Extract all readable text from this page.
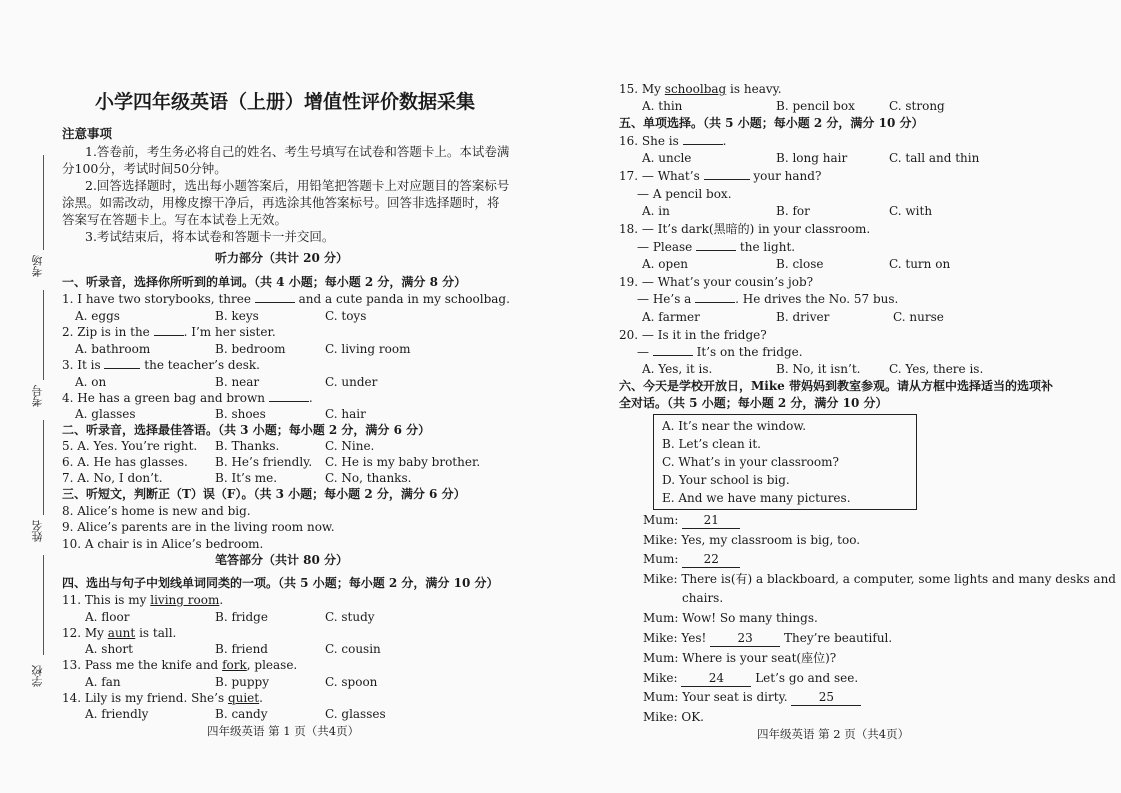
考场
考号
姓名
学校
小学四年级英语（上册）增值性评价数据采集
注意事项
1.答卷前，考生务必将自己的姓名、考生号填写在试卷和答题卡上。本试卷满
分100分，考试时间50分钟。
2.回答选择题时，选出每小题答案后，用铅笔把答题卡上对应题目的答案标号
涂黑。如需改动，用橡皮擦干净后，再选涂其他答案标号。回答非选择题时，将
答案写在答题卡上。写在本试卷上无效。
3.考试结束后，将本试卷和答题卡一并交回。
听力部分（共计 20 分）
一、听录音，选择你所听到的单词。（共 4 小题；每小题 2 分，满分 8 分）
1. I have two storybooks, three	and a cute panda in my schoolbag.
A. eggs	B. keys	C. toys
2. Zip is in the	. I’m her sister.
A. bathroom	B. bedroom	C. living room
3. It is	the teacher’s desk.
A. on	B. near	C. under
4. He has a green bag and brown	.
A. glasses	B. shoes	C. hair
二、听录音，选择最佳答语。（共 3 小题；每小题 2 分，满分 6 分）
5. A. Yes. You’re right. B. Thanks.	C. Nine.
6. A. He has glasses. B. He’s friendly. C. He is my baby brother.
7. A. No, I don’t.	B. It’s me.	C. No, thanks.
三、听短文，判断正（T）误（F）。（共 3 小题；每小题 2 分，满分 6 分）
8. Alice’s home is new and big.
9. Alice’s parents are in the living room now.
10. A chair is in Alice’s bedroom.
笔答部分（共计 80 分）
四、选出与句子中划线单词同类的一项。（共 5 小题；每小题 2 分，满分 10 分）
11. This is my living room.
A. floor	B. fridge	C. study
12. My aunt is tall.
A. short	B. friend	C. cousin
13. Pass me the knife and fork, please.
A. fan	B. puppy	C. spoon
14. Lily is my friend. She’s quiet.
A. friendly	B. candy	C. glasses
四年级英语 第 1 页（共4页）
15. My schoolbag is heavy.
A. thin	B. pencil box	C. strong
五、单项选择。（共 5 小题；每小题 2 分，满分 10 分）
16. She is	.
A. uncle	B. long hair	C. tall and thin
17. — What’s	your hand?
— A pencil box.
A. in	B. for	C. with
18. — It’s dark(黑暗的) in your classroom.
— Please	the light.
A. open	B. close	C. turn on
19. — What’s your cousin’s job?
— He’s a	. He drives the No. 57 bus.
A. farmer	B. driver	C. nurse
20. — Is it in the fridge?
—	It’s on the fridge.
A. Yes, it is.	B. No, it isn’t. C. Yes, there is.
六、今天是学校开放日，Mike 带妈妈到教室参观。请从方框中选择适当的选项补
全对话。（共 5 小题；每小题 2 分，满分 10 分）
A. It’s near the window.
B. Let’s clean it.
C. What’s in your classroom?
D. Your school is big.
E. And we have many pictures.
Mum: 21
Mike: Yes, my classroom is big, too.
Mum: 22
Mike: There is(有) a blackboard, a computer, some lights and many desks and
chairs.
Mum: Wow! So many things.
Mike: Yes!	23	They’re beautiful.
Mum: Where is your seat(座位)?
Mike:	24	Let’s go and see.
Mum: Your seat is dirty.	25
Mike: OK.
四年级英语 第 2 页（共4页）
